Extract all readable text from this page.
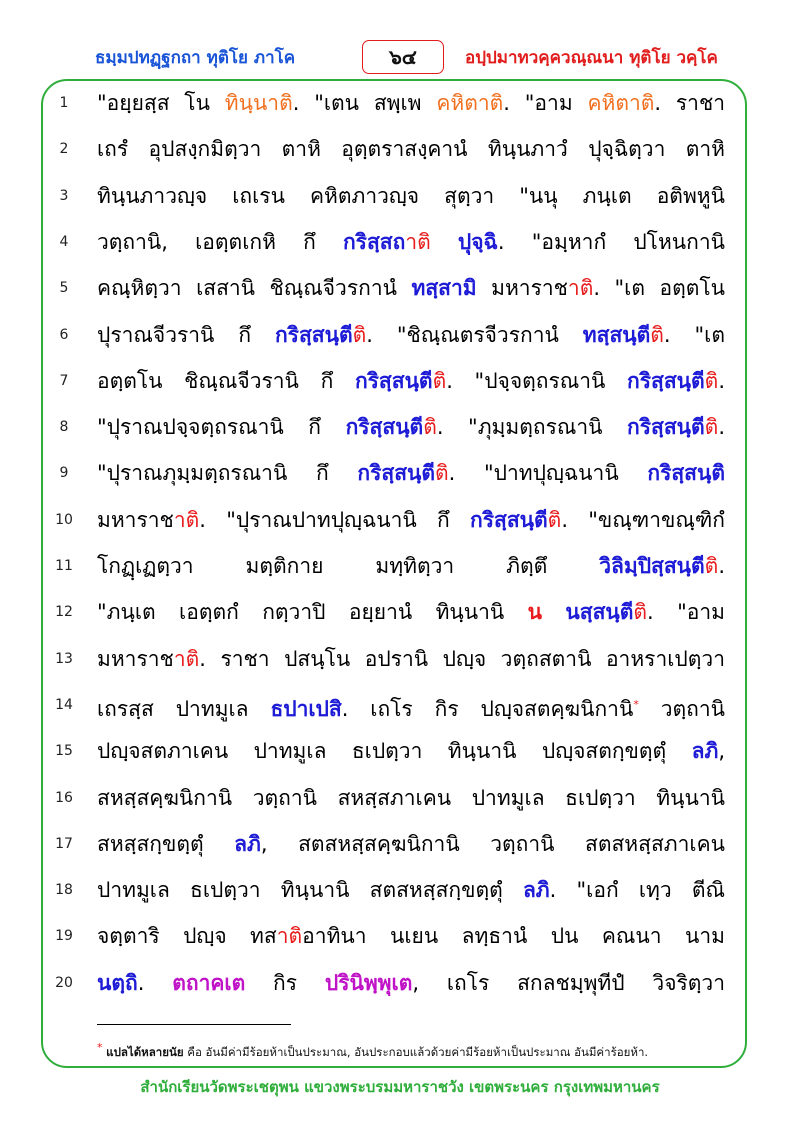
ธมฺมปทฏฺฐกถา ทุติโย ภาโค	๖๔	อปฺปมาทวคฺควณฺณนา ทุติโย วคฺโค
1	"อยฺยสฺส โน ทินฺนาติ. "เตน สพฺเพ คหิตาติ. "อาม คหิตาติ. ราชา
2	เถรํ อุปสงฺกมิตฺวา ตาหิ อุตฺตราสงฺคานํ ทินฺนภาวํ ปุจฺฉิตฺวา ตาหิ
3	ทินฺนภาวญฺจ เถเรน คหิตภาวญฺจ สุตฺวา "นนุ ภนฺเต อติพหูนิ
4	วตฺถานิ, เอตฺตเกหิ กึ กริสฺสถาติ ปุจฺฉิ. "อมฺหากํ ปโหนกานิ
5	คณฺหิตฺวา เสสานิ ชิณฺณจีวรกานํ ทสฺสามิ มหาราชาติ. "เต อตฺตโน
6	ปุราณจีวรานิ กึ กริสฺสนฺตีติ. "ชิณฺณตรจีวรกานํ ทสฺสนฺตีติ. "เต
7	อตฺตโน ชิณฺณจีวรานิ กึ กริสฺสนฺตีติ. "ปจฺจตฺถรณานิ กริสฺสนฺตีติ.
8	"ปุราณปจฺจตฺถรณานิ กึ กริสฺสนฺตีติ. "ภุมฺมตฺถรณานิ กริสฺสนฺตีติ.
9	"ปุราณภุมฺมตฺถรณานิ กึ กริสฺสนฺตีติ. "ปาทปุญฺฉนานิ กริสฺสนฺติ
10	มหาราชาติ. "ปุราณปาทปุญฺฉนานิ กึ กริสฺสนฺตีติ. "ขณฺฑาขณฺฑิกํ
11	โกฏฺเฏตฺวา มตฺติกาย มทฺทิตฺวา ภิตฺตึ วิลิมฺปิสฺสนฺตีติ.
12	"ภนฺเต เอตฺตกํ กตฺวาปิ อยฺยานํ ทินฺนานิ น นสฺสนฺตีติ. "อาม
13	มหาราชาติ. ราชา ปสนฺโน อปรานิ ปญฺจ วตฺถสตานิ อาหราเปตฺวา
14	เถรสฺส ปาทมูเล ธปาเปสิ. เถโร กิร ปญฺจสตคฺฆนิกานิ* วตฺถานิ
15	ปญฺจสตภาเคน ปาทมูเล ธเปตฺวา ทินฺนานิ ปญฺจสตกฺขตฺตุํ ลภิ,
16	สหสฺสคฺฆนิกานิ วตฺถานิ สหสฺสภาเคน ปาทมูเล ธเปตฺวา ทินฺนานิ
17	สหสฺสกฺขตฺตุํ ลภิ, สตสหสฺสคฺฆนิกานิ วตฺถานิ สตสหสฺสภาเคน
18	ปาทมูเล ธเปตฺวา ทินฺนานิ สตสหสฺสกฺขตฺตุํ ลภิ. "เอกํ เทฺว ตีณิ
19	จตฺตาริ ปญฺจ ทสาติอาทินา นเยน ลทฺธานํ ปน คณนา นาม
20	นตฺถิ. ตถาคเต กิร ปรินิพฺพุเต, เถโร สกลชมฺพุทีปํ วิจริตฺวา
* แปลได้หลายนัย คือ อันมีค่ามีร้อยห้าเป็นประมาณ, อันประกอบแล้วด้วยค่ามีร้อยห้าเป็นประมาณ อันมีค่าร้อยห้า.
สำนักเรียนวัดพระเชตุพน แขวงพระบรมมหาราชวัง เขตพระนคร กรุงเทพมหานคร
